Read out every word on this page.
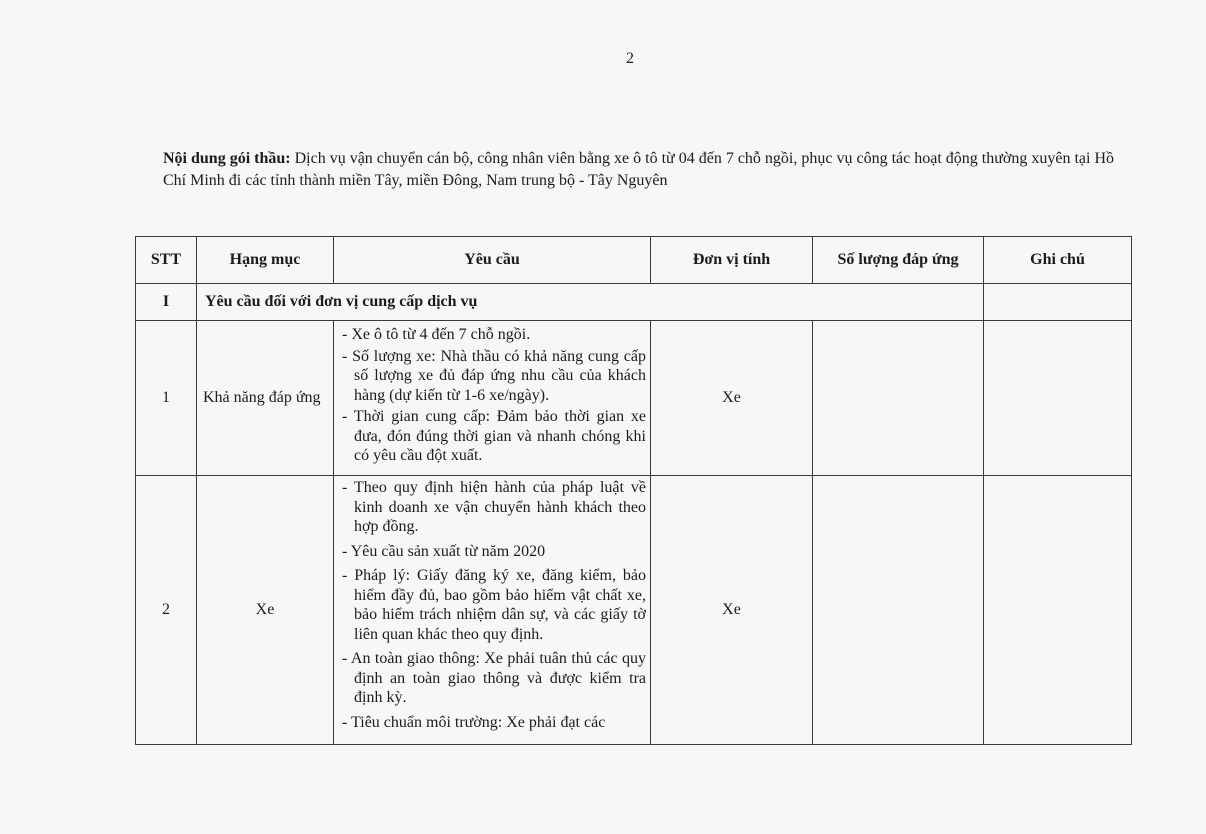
2
Nội dung gói thầu: Dịch vụ vận chuyển cán bộ, công nhân viên bằng xe ô tô từ 04 đến 7 chỗ ngồi, phục vụ công tác hoạt động thường xuyên tại Hồ Chí Minh đi các tỉnh thành miền Tây, miền Đông, Nam trung bộ - Tây Nguyên
STT	Hạng mục	Yêu cầu	Đơn vị tính	Số lượng đáp ứng	Ghi chú
I	Yêu cầu đối với đơn vị cung cấp dịch vụ				
1	Khả năng đáp ứng	- Xe ô tô từ 4 đến 7 chỗ ngồi.
- Số lượng xe: Nhà thầu có khả năng cung cấp số lượng xe đủ đáp ứng nhu cầu của khách hàng (dự kiến từ 1-6 xe/ngày).
- Thời gian cung cấp: Đảm bảo thời gian xe đưa, đón đúng thời gian và nhanh chóng khi có yêu cầu đột xuất.	Xe		
2	Xe	- Theo quy định hiện hành của pháp luật về kinh doanh xe vận chuyển hành khách theo hợp đồng.
- Yêu cầu sản xuất từ năm 2020
- Pháp lý: Giấy đăng ký xe, đăng kiểm, bảo hiểm đầy đủ, bao gồm bảo hiểm vật chất xe, bảo hiểm trách nhiệm dân sự, và các giấy tờ liên quan khác theo quy định.
- An toàn giao thông: Xe phải tuân thủ các quy định an toàn giao thông và được kiểm tra định kỳ.
- Tiêu chuẩn môi trường: Xe phải đạt các	Xe		
